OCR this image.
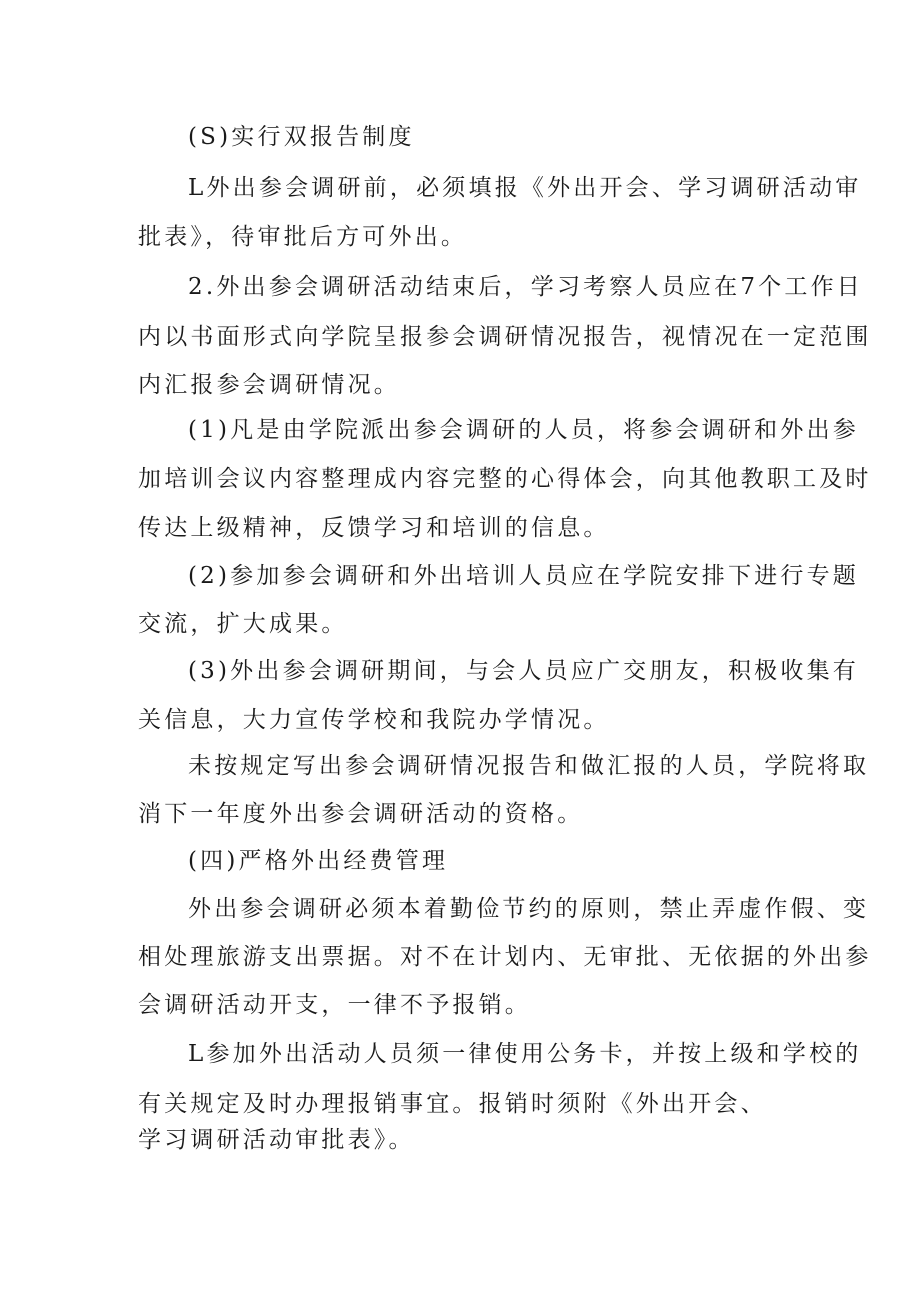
(S)实行双报告制度
L外出参会调研前，必须填报《外出开会、学习调研活动审
批表》，待审批后方可外出。
2.外出参会调研活动结束后，学习考察人员应在7个工作日
内以书面形式向学院呈报参会调研情况报告，视情况在一定范围
内汇报参会调研情况。
(1)凡是由学院派出参会调研的人员，将参会调研和外出参
加培训会议内容整理成内容完整的心得体会，向其他教职工及时
传达上级精神，反馈学习和培训的信息。
(2)参加参会调研和外出培训人员应在学院安排下进行专题
交流，扩大成果。
(3)外出参会调研期间，与会人员应广交朋友，积极收集有
关信息，大力宣传学校和我院办学情况。
未按规定写出参会调研情况报告和做汇报的人员，学院将取
消下一年度外出参会调研活动的资格。
(四)严格外出经费管理
外出参会调研必须本着勤俭节约的原则，禁止弄虚作假、变
相处理旅游支出票据。对不在计划内、无审批、无依据的外出参
会调研活动开支，一律不予报销。
L参加外出活动人员须一律使用公务卡，并按上级和学校的
有关规定及时办理报销事宜。报销时须附《外出开会、
学习调研活动审批表》。
